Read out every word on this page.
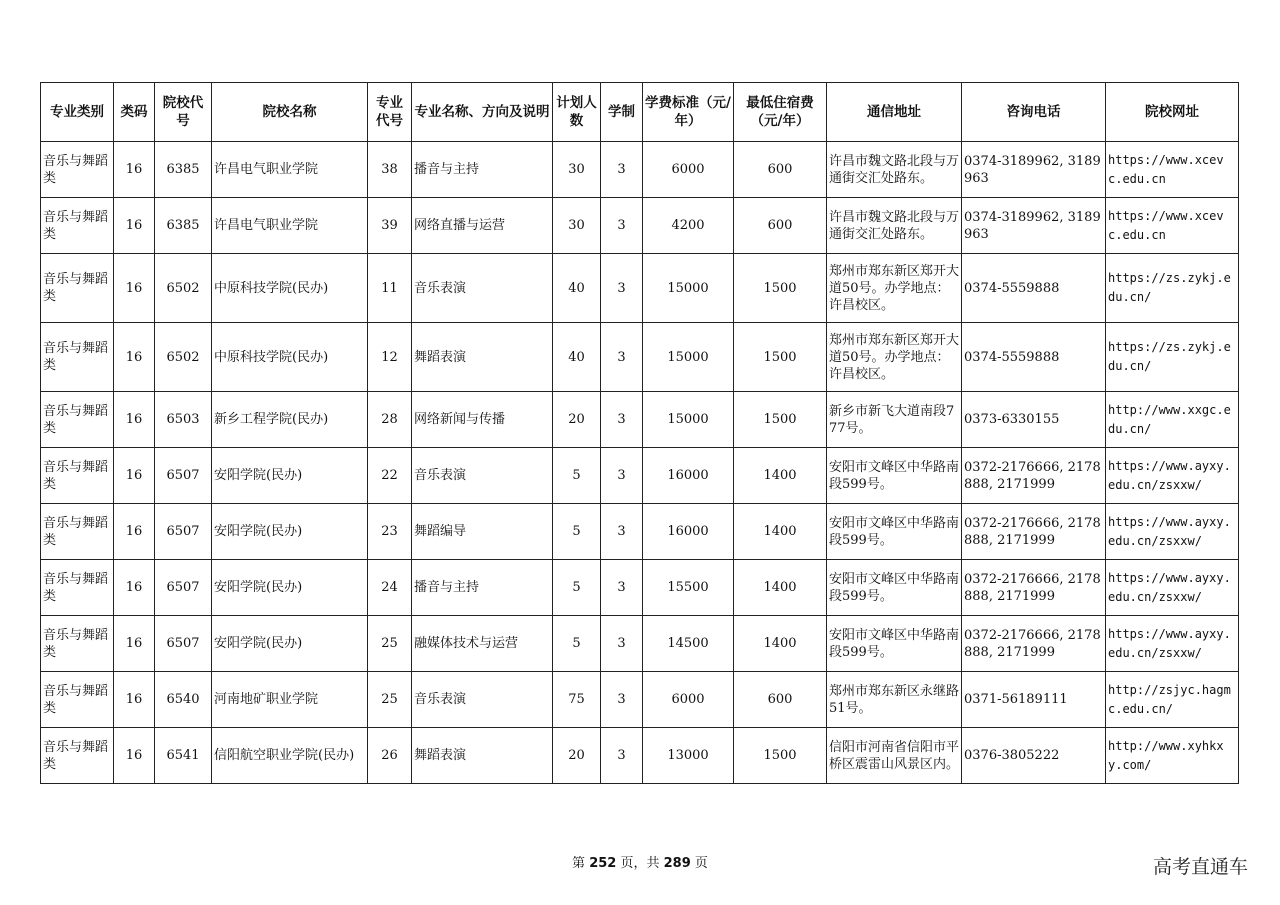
专业类别	类码	院校代号	院校名称	专业代号	专业名称、方向及说明	计划人数	学制	学费标准（元/年）	最低住宿费（元/年）	通信地址	咨询电话	院校网址
音乐与舞蹈类	16	6385	许昌电气职业学院	38	播音与主持	30	3	6000	600	许昌市魏文路北段与万通街交汇处路东。	0374-3189962, 3189963	https://www.xcevc.edu.cn
音乐与舞蹈类	16	6385	许昌电气职业学院	39	网络直播与运营	30	3	4200	600	许昌市魏文路北段与万通街交汇处路东。	0374-3189962, 3189963	https://www.xcevc.edu.cn
音乐与舞蹈类	16	6502	中原科技学院(民办)	11	音乐表演	40	3	15000	1500	郑州市郑东新区郑开大道50号。办学地点：许昌校区。	0374-5559888	https://zs.zykj.edu.cn/
音乐与舞蹈类	16	6502	中原科技学院(民办)	12	舞蹈表演	40	3	15000	1500	郑州市郑东新区郑开大道50号。办学地点：许昌校区。	0374-5559888	https://zs.zykj.edu.cn/
音乐与舞蹈类	16	6503	新乡工程学院(民办)	28	网络新闻与传播	20	3	15000	1500	新乡市新飞大道南段777号。	0373-6330155	http://www.xxgc.edu.cn/
音乐与舞蹈类	16	6507	安阳学院(民办)	22	音乐表演	5	3	16000	1400	安阳市文峰区中华路南段599号。	0372-2176666, 2178888, 2171999	https://www.ayxy.edu.cn/zsxxw/
音乐与舞蹈类	16	6507	安阳学院(民办)	23	舞蹈编导	5	3	16000	1400	安阳市文峰区中华路南段599号。	0372-2176666, 2178888, 2171999	https://www.ayxy.edu.cn/zsxxw/
音乐与舞蹈类	16	6507	安阳学院(民办)	24	播音与主持	5	3	15500	1400	安阳市文峰区中华路南段599号。	0372-2176666, 2178888, 2171999	https://www.ayxy.edu.cn/zsxxw/
音乐与舞蹈类	16	6507	安阳学院(民办)	25	融媒体技术与运营	5	3	14500	1400	安阳市文峰区中华路南段599号。	0372-2176666, 2178888, 2171999	https://www.ayxy.edu.cn/zsxxw/
音乐与舞蹈类	16	6540	河南地矿职业学院	25	音乐表演	75	3	6000	600	郑州市郑东新区永继路51号。	0371-56189111	http://zsjyc.hagmc.edu.cn/
音乐与舞蹈类	16	6541	信阳航空职业学院(民办)	26	舞蹈表演	20	3	13000	1500	信阳市河南省信阳市平桥区震雷山风景区内。	0376-3805222	http://www.xyhkxy.com/
第 252 页，共 289 页	高考直通车
